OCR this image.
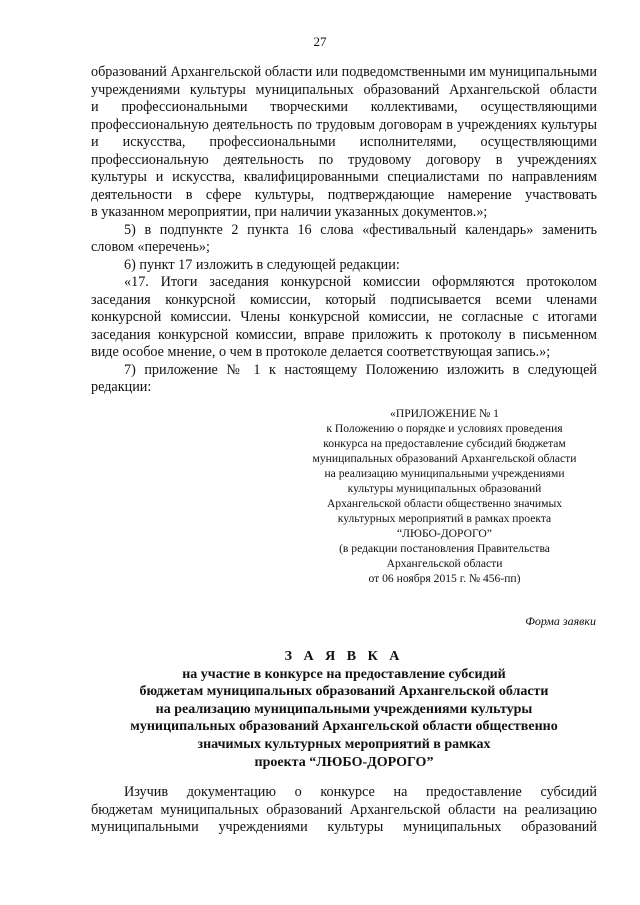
27
образований Архангельской области или подведомственными им муниципальными
учреждениями культуры муниципальных образований Архангельской области
и профессиональными творческими коллективами, осуществляющими
профессиональную деятельность по трудовым договорам в учреждениях культуры
и искусства, профессиональными исполнителями, осуществляющими
профессиональную деятельность по трудовому договору в учреждениях
культуры и искусства, квалифицированными специалистами по направлениям
деятельности в сфере культуры, подтверждающие намерение участвовать
в указанном мероприятии, при наличии указанных документов.»;
5) в подпункте 2 пункта 16 слова «фестивальный календарь» заменить
словом «перечень»;
6) пункт 17 изложить в следующей редакции:
«17. Итоги заседания конкурсной комиссии оформляются протоколом
заседания конкурсной комиссии, который подписывается всеми членами
конкурсной комиссии. Члены конкурсной комиссии, не согласные с итогами
заседания конкурсной комиссии, вправе приложить к протоколу в письменном
виде особое мнение, о чем в протоколе делается соответствующая запись.»;
7) приложение № 1 к настоящему Положению изложить в следующей
редакции:
«ПРИЛОЖЕНИЕ № 1
к Положению о порядке и условиях проведения
конкурса на предоставление субсидий бюджетам
муниципальных образований Архангельской области
на реализацию муниципальными учреждениями
культуры муниципальных образований
Архангельской области общественно значимых
культурных мероприятий в рамках проекта
“ЛЮБО-ДОРОГО”
(в редакции постановления Правительства
Архангельской области
от 06 ноября 2015 г. № 456-пп)
Форма заявки
З А Я В К А
на участие в конкурсе на предоставление субсидий
бюджетам муниципальных образований Архангельской области
на реализацию муниципальными учреждениями культуры
муниципальных образований Архангельской области общественно
значимых культурных мероприятий в рамках
проекта “ЛЮБО-ДОРОГО”
Изучив документацию о конкурсе на предоставление субсидий
бюджетам муниципальных образований Архангельской области на реализацию
муниципальными учреждениями культуры муниципальных образований
